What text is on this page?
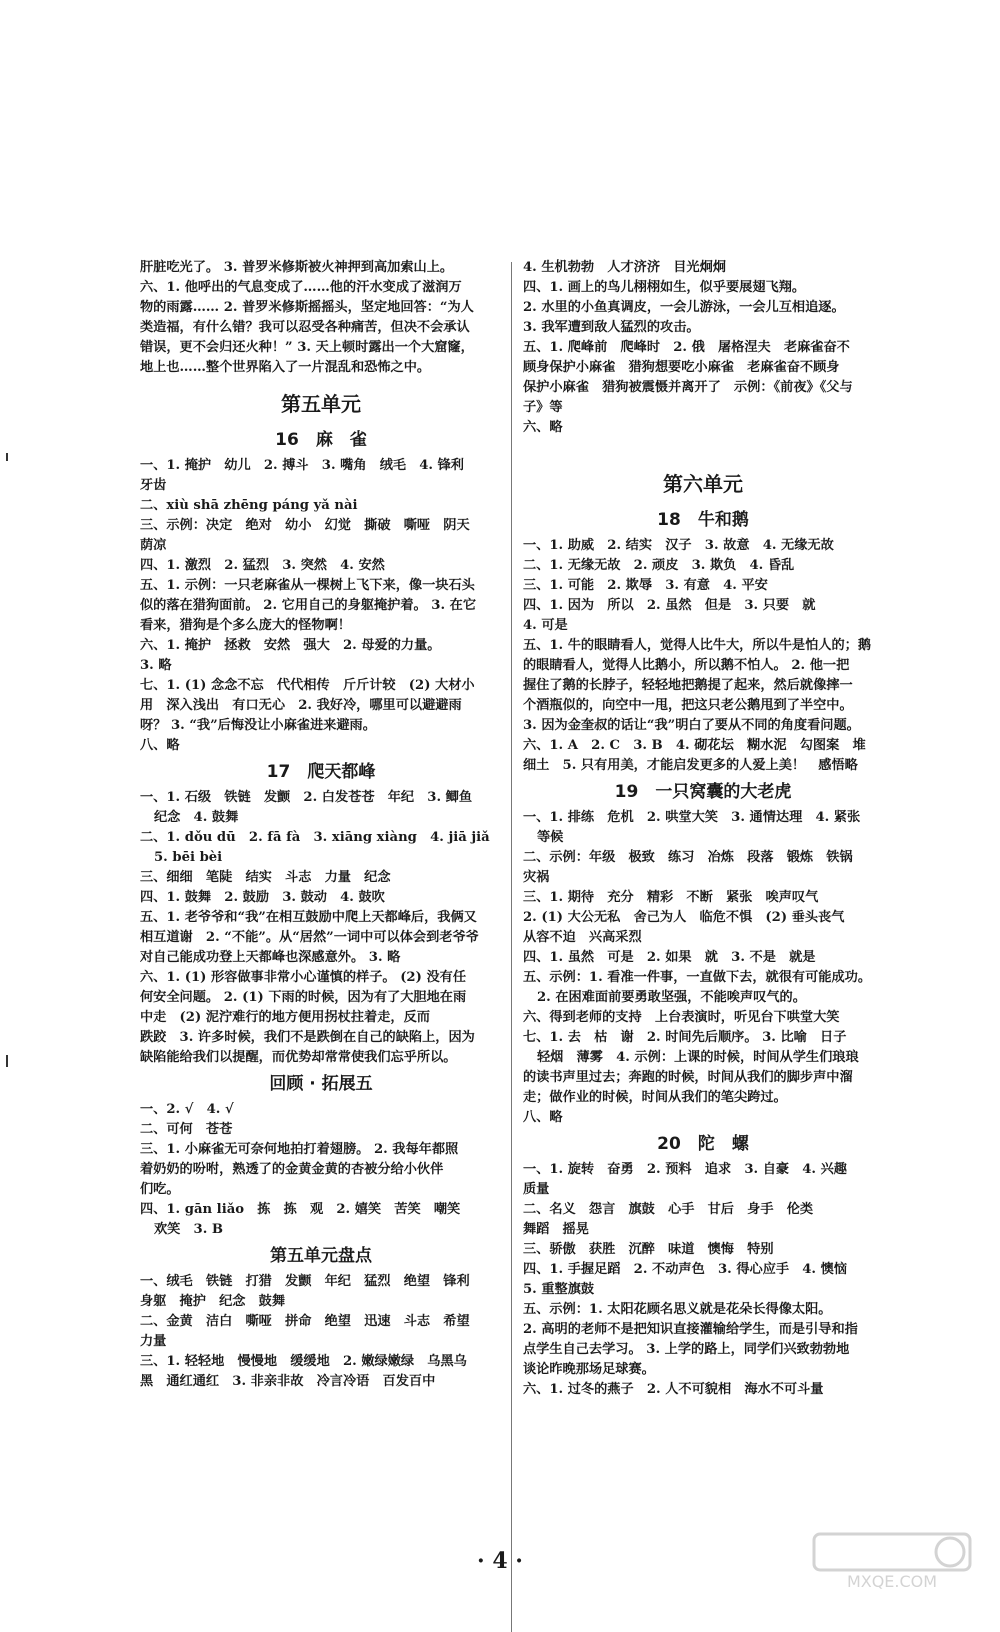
肝脏吃光了。 3. 普罗米修斯被火神押到高加索山上。
六、1. 他呼出的气息变成了……他的汗水变成了滋润万
物的雨露…… 2. 普罗米修斯摇摇头，坚定地回答：“为人
类造福，有什么错？我可以忍受各种痛苦，但决不会承认
错误，更不会归还火种！” 3. 天上顿时露出一个大窟窿，
地上也……整个世界陷入了一片混乱和恐怖之中。
第五单元
16　麻　雀
一、1. 掩护　幼儿　2. 搏斗　3. 嘴角　绒毛　4. 锋利
牙齿
二、xiù shā zhēng páng yǎ nài
三、示例：决定　绝对　幼小　幻觉　撕破　嘶哑　阴天
荫凉
四、1. 激烈　2. 猛烈　3. 突然　4. 安然
五、1. 示例：一只老麻雀从一棵树上飞下来，像一块石头
似的落在猎狗面前。 2. 它用自己的身躯掩护着。 3. 在它
看来，猎狗是个多么庞大的怪物啊！
六、1. 掩护　拯救　安然　强大　2. 母爱的力量。
3. 略
七、1. (1) 念念不忘　代代相传　斤斤计较　(2) 大材小
用　深入浅出　有口无心　2. 我好冷，哪里可以避避雨
呀？ 3. “我”后悔没让小麻雀进来避雨。
八、略
17　爬天都峰
一、1. 石级　铁链　发颤　2. 白发苍苍　年纪　3. 鲫鱼
纪念　4. 鼓舞
二、1. dǒu dū　2. fā fà　3. xiāng xiàng　4. jiā jiǎ
5. bēi bèi
三、细细　笔陡　结实　斗志　力量　纪念
四、1. 鼓舞　2. 鼓励　3. 鼓动　4. 鼓吹
五、1. 老爷爷和“我”在相互鼓励中爬上天都峰后，我俩又
相互道谢　2. “不能”。从“居然”一词中可以体会到老爷爷
对自己能成功登上天都峰也深感意外。 3. 略
六、1. (1) 形容做事非常小心谨慎的样子。 (2) 没有任
何安全问题。 2. (1) 下雨的时候，因为有了大胆地在雨
中走　(2) 泥泞难行的地方便用拐杖拄着走，反而
跌跤　3. 许多时候，我们不是跌倒在自己的缺陷上，因为
缺陷能给我们以提醒，而优势却常常使我们忘乎所以。
回顾 · 拓展五
一、2. √　4. √
二、可何　苍苍
三、1. 小麻雀无可奈何地拍打着翅膀。 2. 我每年都照
着奶奶的吩咐，熟透了的金黄金黄的杏被分给小伙伴
们吃。
四、1. gān liǎo　拣　拣　观　2. 嬉笑　苦笑　嘲笑
欢笑　3. B
第五单元盘点
一、绒毛　铁链　打猎　发颤　年纪　猛烈　绝望　锋利
身躯　掩护　纪念　鼓舞
二、金黄　洁白　嘶哑　拼命　绝望　迅速　斗志　希望
力量
三、1. 轻轻地　慢慢地　缓缓地　2. 嫩绿嫩绿　乌黑乌
黑　通红通红　3. 非亲非故　冷言冷语　百发百中
4. 生机勃勃　人才济济　目光炯炯
四、1. 画上的鸟儿栩栩如生，似乎要展翅飞翔。
2. 水里的小鱼真调皮，一会儿游泳，一会儿互相追逐。
3. 我军遭到敌人猛烈的攻击。
五、1. 爬峰前　爬峰时　2. 俄　屠格涅夫　老麻雀奋不
顾身保护小麻雀　猎狗想要吃小麻雀　老麻雀奋不顾身
保护小麻雀　猎狗被震慑并离开了　示例：《前夜》《父与
子》等
六、略
第六单元
18　牛和鹅
一、1. 助威　2. 结实　汉子　3. 故意　4. 无缘无故
二、1. 无缘无故　2. 顽皮　3. 欺负　4. 昏乱
三、1. 可能　2. 欺辱　3. 有意　4. 平安
四、1. 因为　所以　2. 虽然　但是　3. 只要　就
4. 可是
五、1. 牛的眼睛看人，觉得人比牛大，所以牛是怕人的；鹅
的眼睛看人，觉得人比鹅小，所以鹅不怕人。 2. 他一把
握住了鹅的长脖子，轻轻地把鹅提了起来，然后就像摔一
个酒瓶似的，向空中一甩，把这只老公鹅甩到了半空中。
3. 因为金奎叔的话让“我”明白了要从不同的角度看问题。
六、1. A　2. C　3. B　4. 砌花坛　糊水泥　勾图案　堆
细土　5. 只有用美，才能启发更多的人爱上美！　感悟略
19　一只窝囊的大老虎
一、1. 排练　危机　2. 哄堂大笑　3. 通情达理　4. 紧张
等候
二、示例：年级　极致　练习　冶炼　段落　锻炼　铁锅
灾祸
三、1. 期待　充分　精彩　不断　紧张　唉声叹气
2. (1) 大公无私　舍己为人　临危不惧　(2) 垂头丧气
从容不迫　兴高采烈
四、1. 虽然　可是　2. 如果　就　3. 不是　就是
五、示例：1. 看准一件事，一直做下去，就很有可能成功。
2. 在困难面前要勇敢坚强，不能唉声叹气的。
六、得到老师的支持　上台表演时，听见台下哄堂大笑
七、1. 去　枯　谢　2. 时间先后顺序。 3. 比喻　日子
轻烟　薄雾　4. 示例：上课的时候，时间从学生们琅琅
的读书声里过去；奔跑的时候，时间从我们的脚步声中溜
走；做作业的时候，时间从我们的笔尖跨过。
八、略
20　陀　螺
一、1. 旋转　奋勇　2. 预料　追求　3. 自豪　4. 兴趣
质量
二、名义　怨言　旗鼓　心手　甘后　身手　伦类
舞蹈　摇晃
三、骄傲　获胜　沉醉　味道　懊悔　特别
四、1. 手握足蹈　2. 不动声色　3. 得心应手　4. 懊恼
5. 重整旗鼓
五、示例：1. 太阳花顾名思义就是花朵长得像太阳。
2. 高明的老师不是把知识直接灌输给学生，而是引导和指
点学生自己去学习。 3. 上学的路上，同学们兴致勃勃地
谈论昨晚那场足球赛。
六、1. 过冬的燕子　2. 人不可貌相　海水不可斗量
· 4 ·
MXQE.COM
